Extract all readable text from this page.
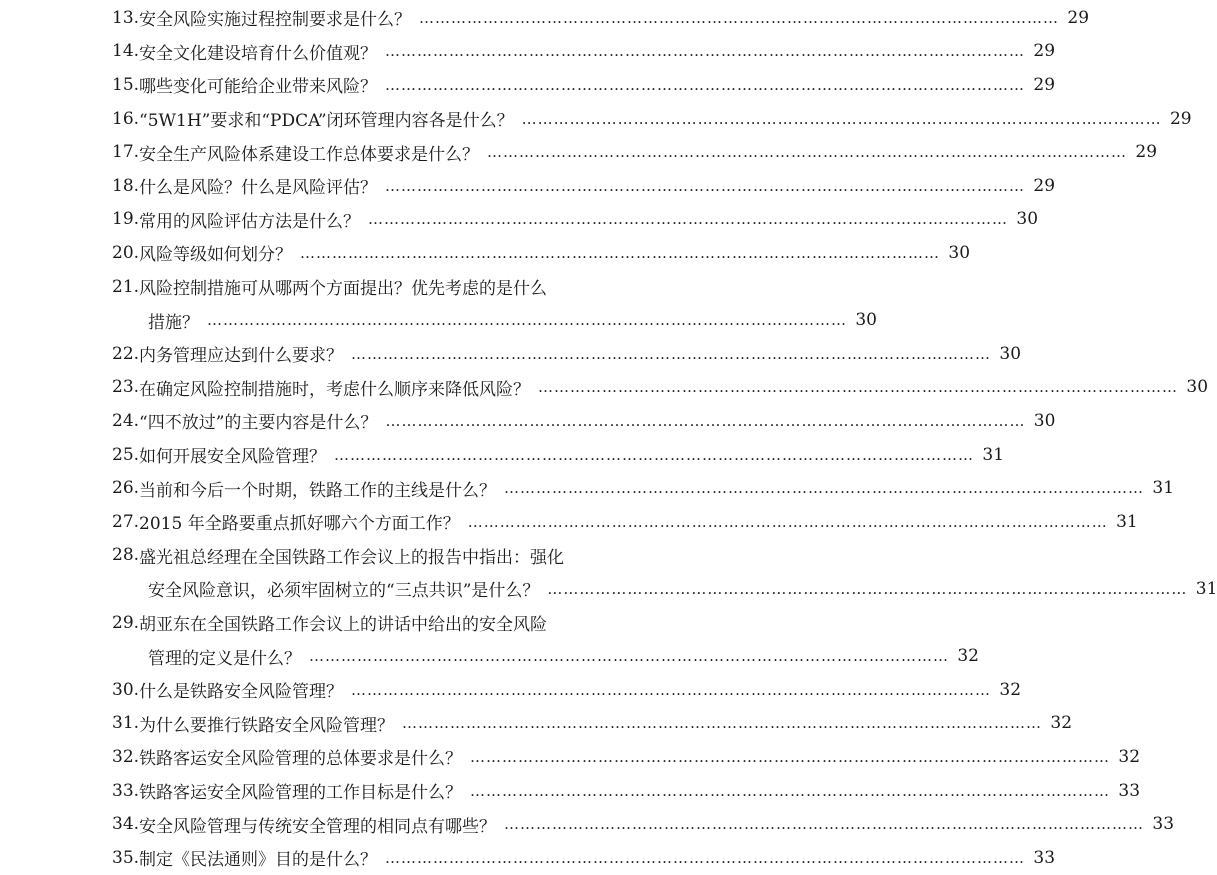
13. 安全风险实施过程控制要求是什么？ ………………………………………………………………………………………………………… 29
14. 安全文化建设培育什么价值观？ ………………………………………………………………………………………………………… 29
15. 哪些变化可能给企业带来风险？ ………………………………………………………………………………………………………… 29
16. “5W1H”要求和“PDCA”闭环管理内容各是什么？ ………………………………………………………………………………………………………… 29
17. 安全生产风险体系建设工作总体要求是什么？ ………………………………………………………………………………………………………… 29
18. 什么是风险？什么是风险评估？ ………………………………………………………………………………………………………… 29
19. 常用的风险评估方法是什么？ ………………………………………………………………………………………………………… 30
20. 风险等级如何划分？ ………………………………………………………………………………………………………… 30
21. 风险控制措施可从哪两个方面提出？优先考虑的是什么
措施？ ………………………………………………………………………………………………………… 30
22. 内务管理应达到什么要求？ ………………………………………………………………………………………………………… 30
23. 在确定风险控制措施时，考虑什么顺序来降低风险？ ………………………………………………………………………………………………………… 30
24. “四不放过”的主要内容是什么？ ………………………………………………………………………………………………………… 30
25. 如何开展安全风险管理？ ………………………………………………………………………………………………………… 31
26. 当前和今后一个时期，铁路工作的主线是什么？ ………………………………………………………………………………………………………… 31
27. 2015 年全路要重点抓好哪六个方面工作？ ………………………………………………………………………………………………………… 31
28. 盛光祖总经理在全国铁路工作会议上的报告中指出：强化
安全风险意识，必须牢固树立的“三点共识”是什么？ ………………………………………………………………………………………………………… 31
29. 胡亚东在全国铁路工作会议上的讲话中给出的安全风险
管理的定义是什么？ ………………………………………………………………………………………………………… 32
30. 什么是铁路安全风险管理？ ………………………………………………………………………………………………………… 32
31. 为什么要推行铁路安全风险管理？ ………………………………………………………………………………………………………… 32
32. 铁路客运安全风险管理的总体要求是什么？ ………………………………………………………………………………………………………… 32
33. 铁路客运安全风险管理的工作目标是什么？ ………………………………………………………………………………………………………… 33
34. 安全风险管理与传统安全管理的相同点有哪些？ ………………………………………………………………………………………………………… 33
35. 制定《民法通则》目的是什么？ ………………………………………………………………………………………………………… 33
